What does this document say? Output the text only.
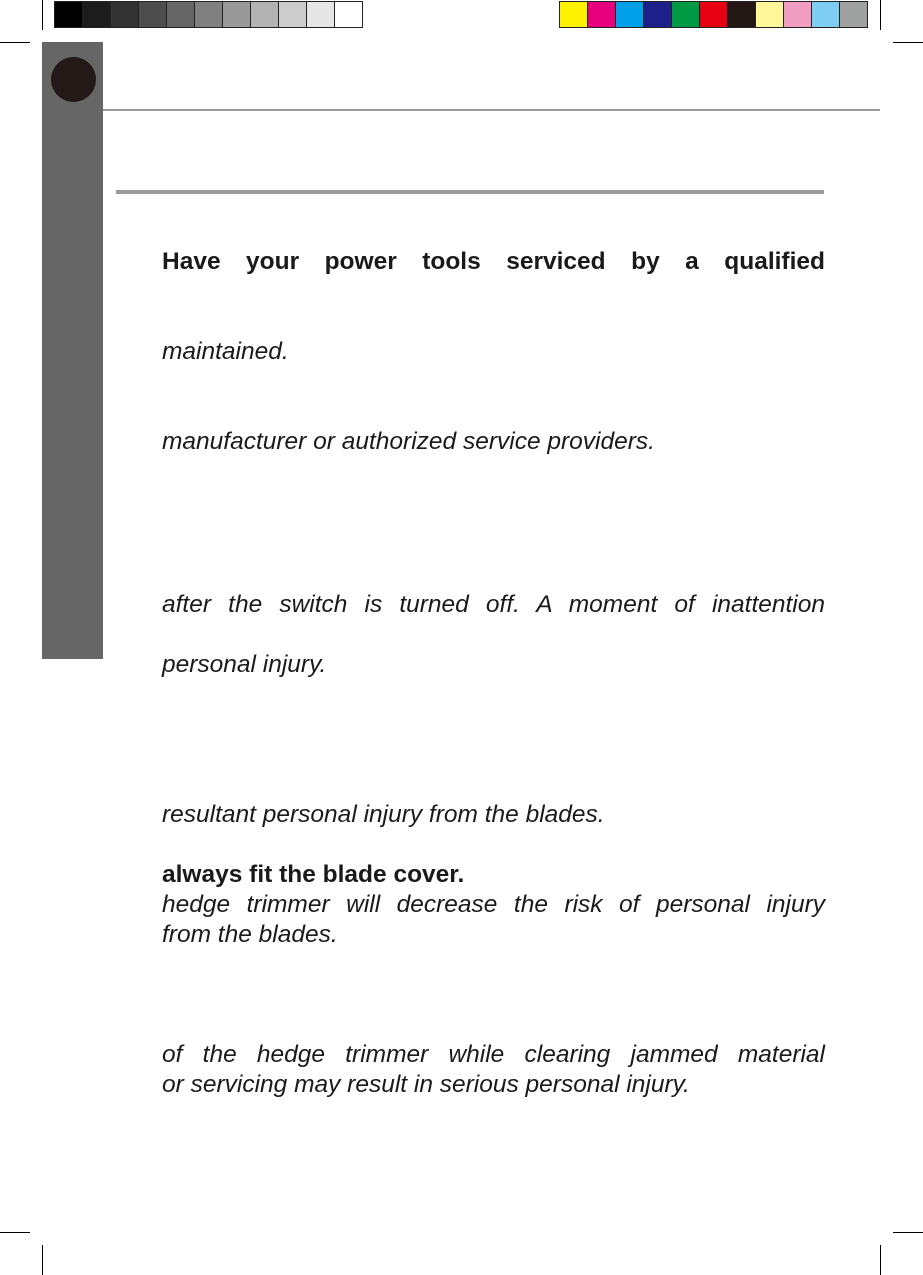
Have your power tools serviced by a qualified
maintained.
manufacturer or authorized service providers.
after the switch is turned off. A moment of inattention
personal injury.
resultant personal injury from the blades.
always fit the blade cover.
hedge trimmer will decrease the risk of personal injury
from the blades.
of the hedge trimmer while clearing jammed material
or servicing may result in serious personal injury.
